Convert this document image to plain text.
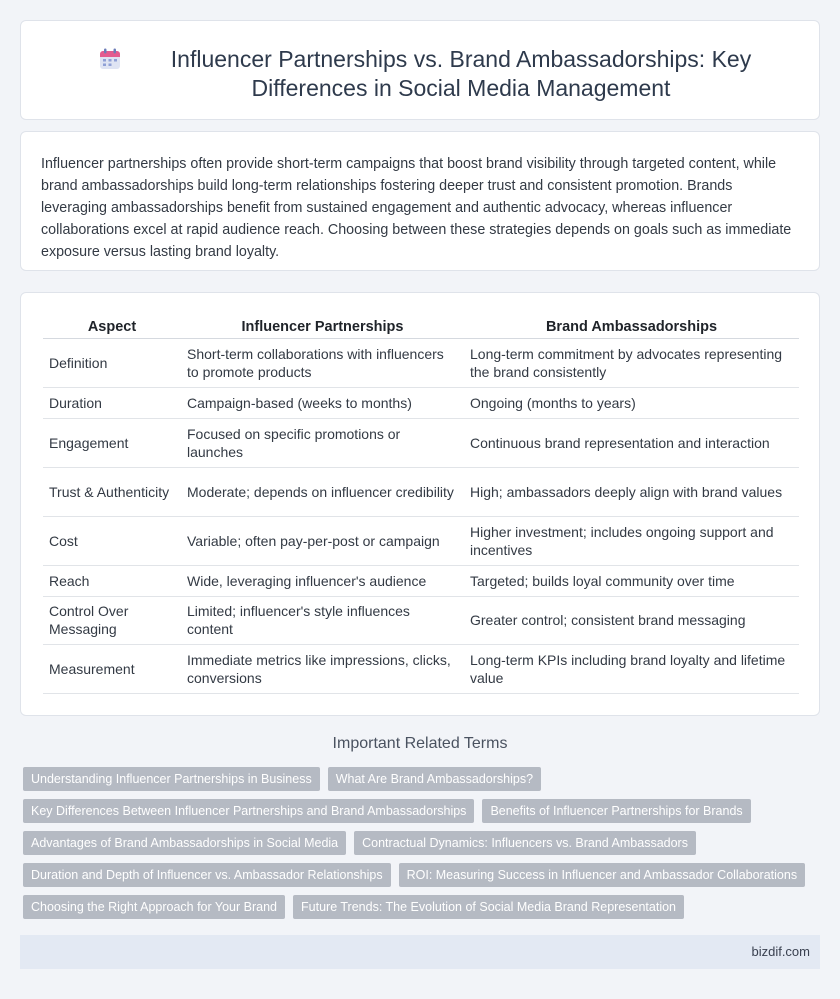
Influencer Partnerships vs. Brand Ambassadorships: Key Differences in Social Media Management

Influencer partnerships often provide short-term campaigns that boost brand visibility through targeted content, while brand ambassadorships build long-term relationships fostering deeper trust and consistent promotion. Brands leveraging ambassadorships benefit from sustained engagement and authentic advocacy, whereas influencer collaborations excel at rapid audience reach. Choosing between these strategies depends on goals such as immediate exposure versus lasting brand loyalty.

Aspect	Influencer Partnerships	Brand Ambassadorships
Definition	Short-term collaborations with influencers to promote products	Long-term commitment by advocates representing the brand consistently
Duration	Campaign-based (weeks to months)	Ongoing (months to years)
Engagement	Focused on specific promotions or launches	Continuous brand representation and interaction
Trust & Authenticity	Moderate; depends on influencer credibility	High; ambassadors deeply align with brand values
Cost	Variable; often pay-per-post or campaign	Higher investment; includes ongoing support and incentives
Reach	Wide, leveraging influencer's audience	Targeted; builds loyal community over time
Control Over Messaging	Limited; influencer's style influences content	Greater control; consistent brand messaging
Measurement	Immediate metrics like impressions, clicks, conversions	Long-term KPIs including brand loyalty and lifetime value
Important Related Terms
Understanding Influencer Partnerships in Business	What Are Brand Ambassadorships?
Key Differences Between Influencer Partnerships and Brand Ambassadorships	Benefits of Influencer Partnerships for Brands
Advantages of Brand Ambassadorships in Social Media	Contractual Dynamics: Influencers vs. Brand Ambassadors
Duration and Depth of Influencer vs. Ambassador Relationships	ROI: Measuring Success in Influencer and Ambassador Collaborations
Choosing the Right Approach for Your Brand	Future Trends: The Evolution of Social Media Brand Representation
bizdif.com
